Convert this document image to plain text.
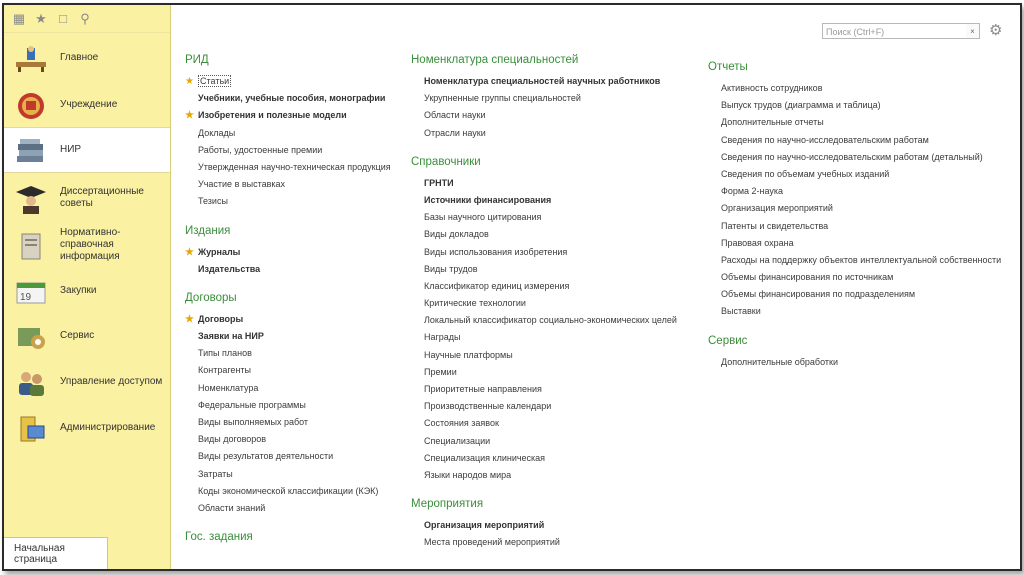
▦ ★ □ ⚲
Главное
Учреждение
НИР
Диссертационные советы
Нормативно-справочная информация
19
Закупки
Сервис
Управление доступом
Администрирование
Начальная страница
Поиск (Ctrl+F)	× ⚙
РИД
★ Статьи
Учебники, учебные пособия, монографии
★ Изобретения и полезные модели
Доклады
Работы, удостоенные премии
Утвержденная научно-техническая продукция
Участие в выставках
Тезисы
Издания
★ Журналы
Издательства
Договоры
★ Договоры
Заявки на НИР
Типы планов
Контрагенты
Номенклатура
Федеральные программы
Виды выполняемых работ
Виды договоров
Виды результатов деятельности
Затраты
Коды экономической классификации (КЭК)
Области знаний
Гос. задания
Номенклатура специальностей
Номенклатура специальностей научных работников
Укрупненные группы специальностей
Области науки
Отрасли науки
Справочники
ГРНТИ
Источники финансирования
Базы научного цитирования
Виды докладов
Виды использования изобретения
Виды трудов
Классификатор единиц измерения
Критические технологии
Локальный классификатор социально-экономических целей
Награды
Научные платформы
Премии
Приоритетные направления
Производственные календари
Состояния заявок
Специализации
Специализация клиническая
Языки народов мира
Мероприятия
Организация мероприятий
Места проведений мероприятий
Отчеты
Активность сотрудников
Выпуск трудов (диаграмма и таблица)
Дополнительные отчеты
Сведения по научно-исследовательским работам
Сведения по научно-исследовательским работам (детальный)
Сведения по объемам учебных изданий
Форма 2-наука
Организация мероприятий
Патенты и свидетельства
Правовая охрана
Расходы на поддержку объектов интеллектуальной собственности
Объемы финансирования по источникам
Объемы финансирования по подразделениям
Выставки
Сервис
Дополнительные обработки
